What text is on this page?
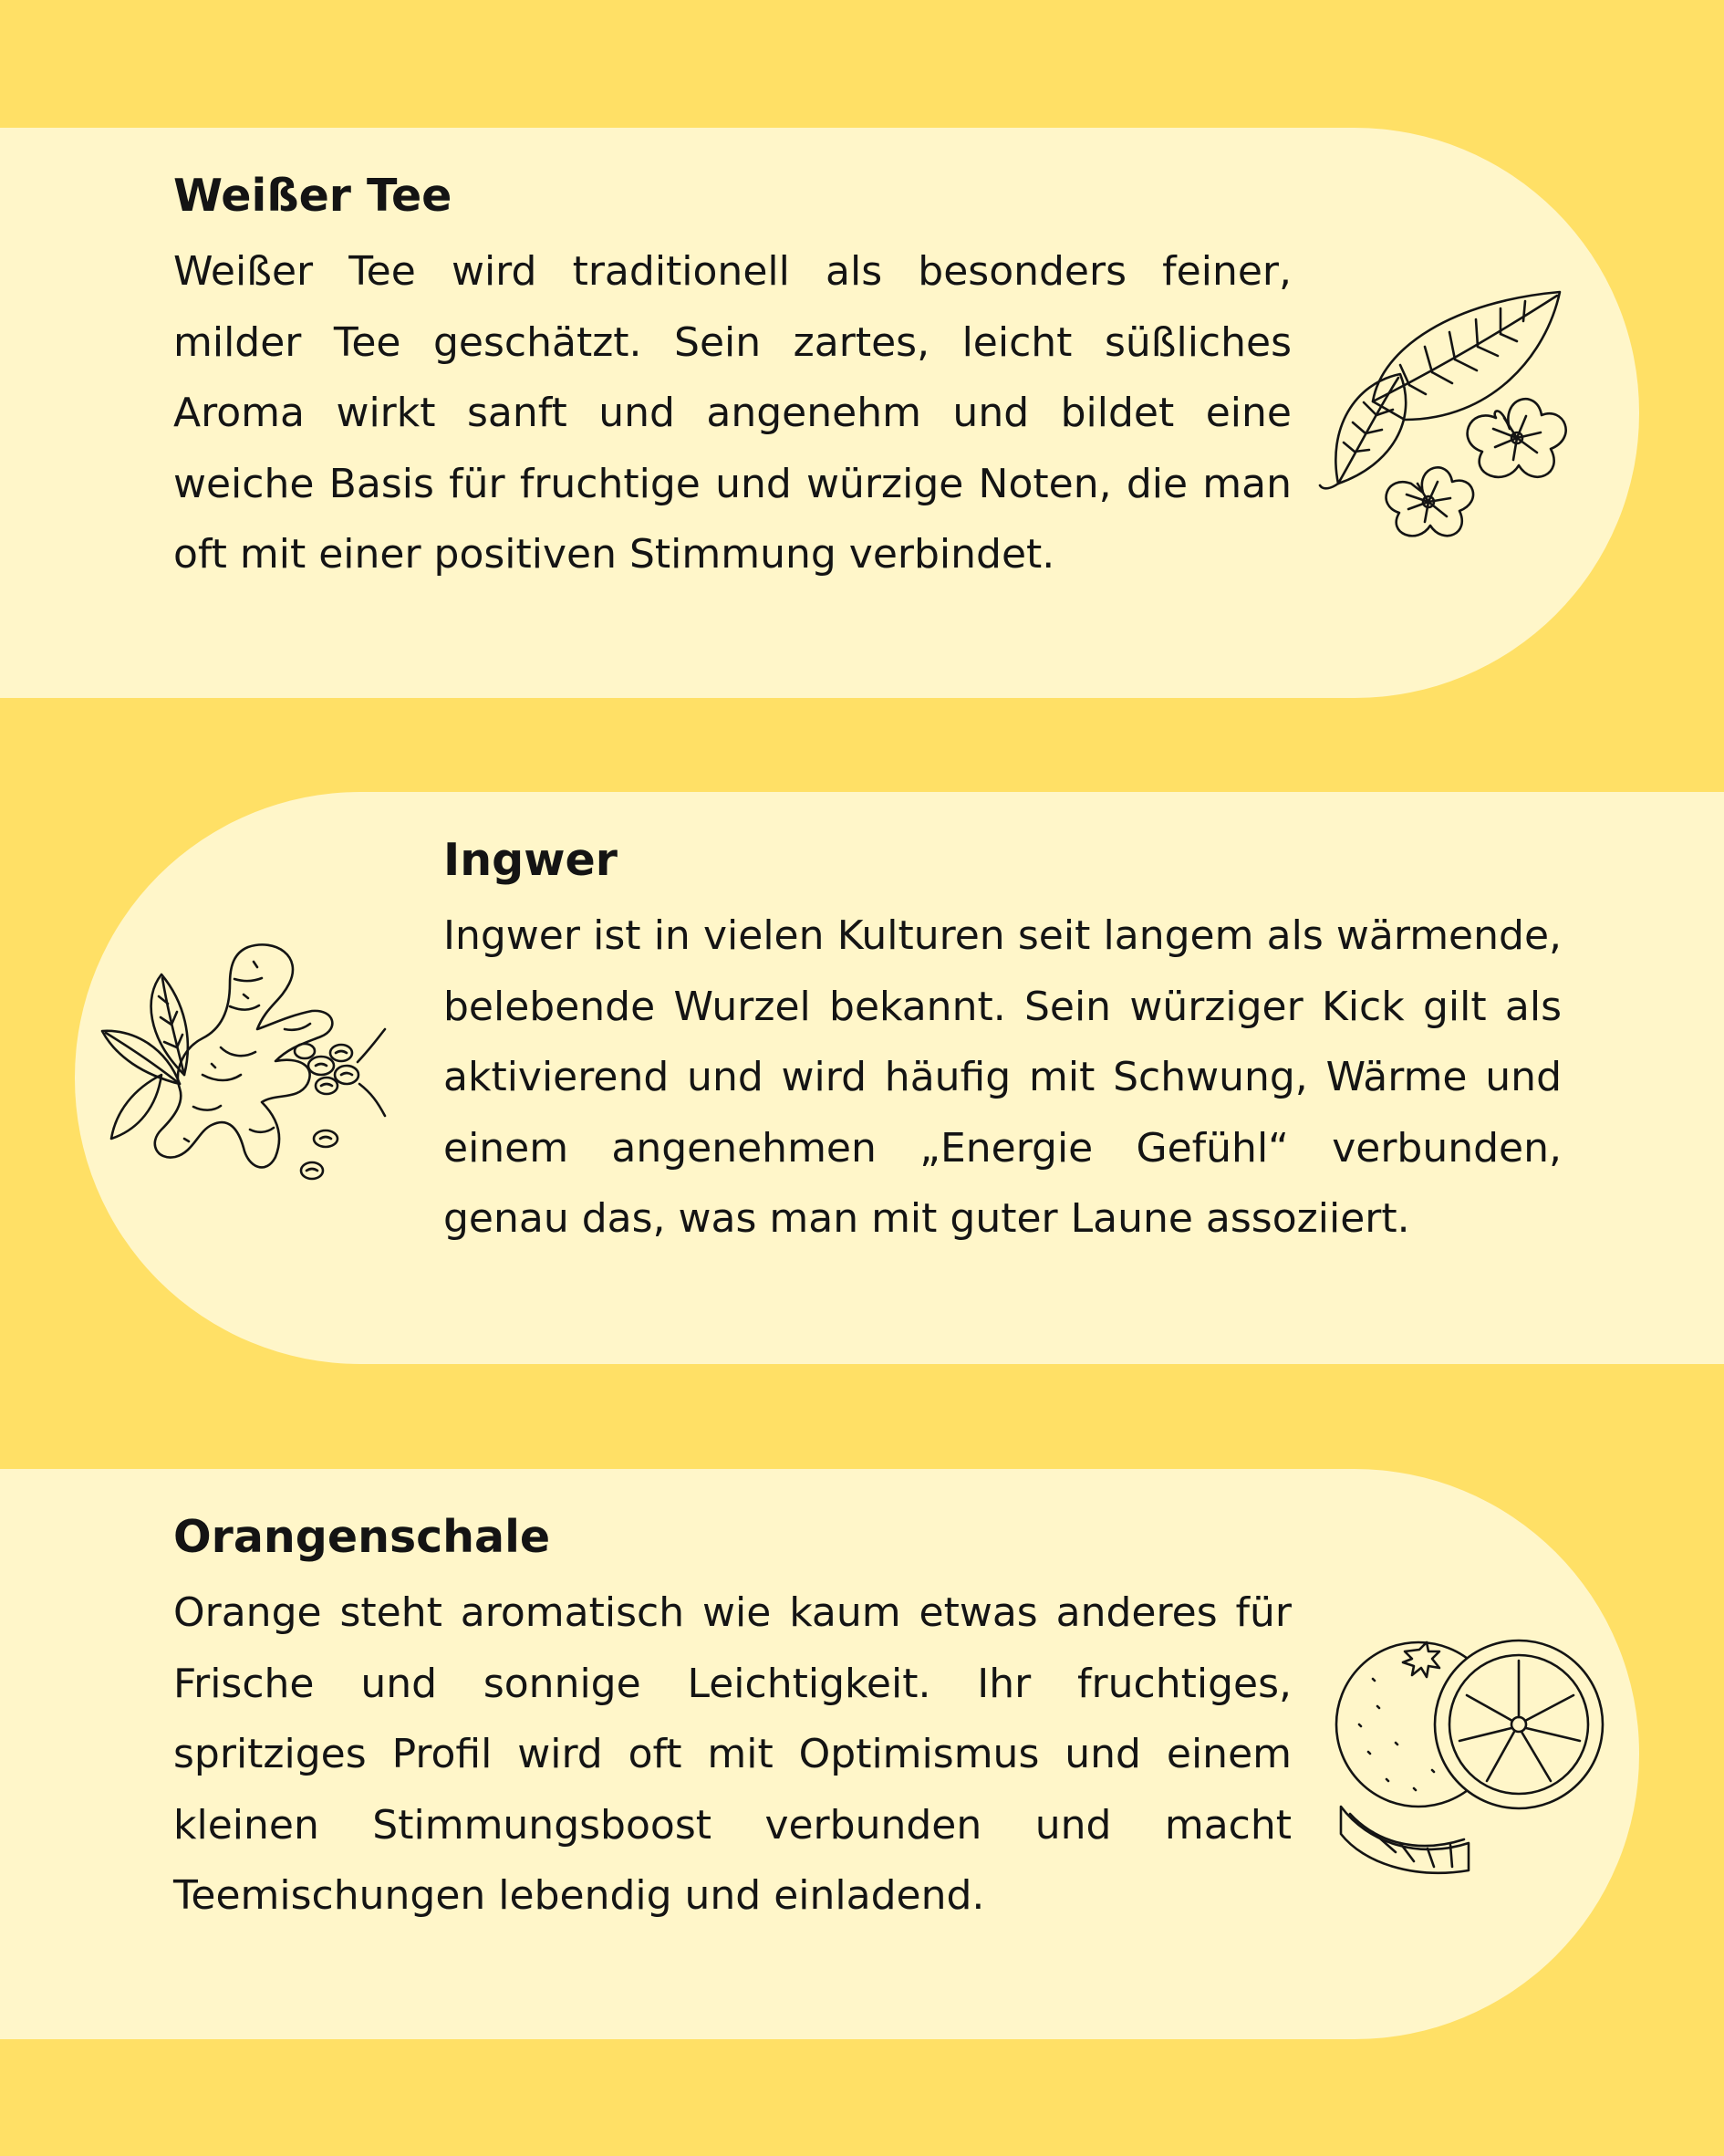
Weißer Tee

Weißer Tee wird traditionell als besonders feiner, milder Tee geschätzt. Sein zartes, leicht süßliches Aroma wirkt sanft und angenehm und bildet eine weiche Basis für fruchtige und würzige Noten, die man oft mit einer positiven Stimmung verbindet.

Ingwer

Ingwer ist in vielen Kulturen seit langem als wärmende, belebende Wurzel bekannt. Sein würziger Kick gilt als aktivierend und wird häufig mit Schwung, Wärme und einem angenehmen „Energie Gefühl“ verbunden, genau das, was man mit guter Laune assoziiert.

Orangenschale

Orange steht aromatisch wie kaum etwas anderes für Frische und sonnige Leichtigkeit. Ihr fruchtiges, spritziges Profil wird oft mit Optimismus und einem kleinen Stimmungsboost verbunden und macht Teemischungen lebendig und einladend.
